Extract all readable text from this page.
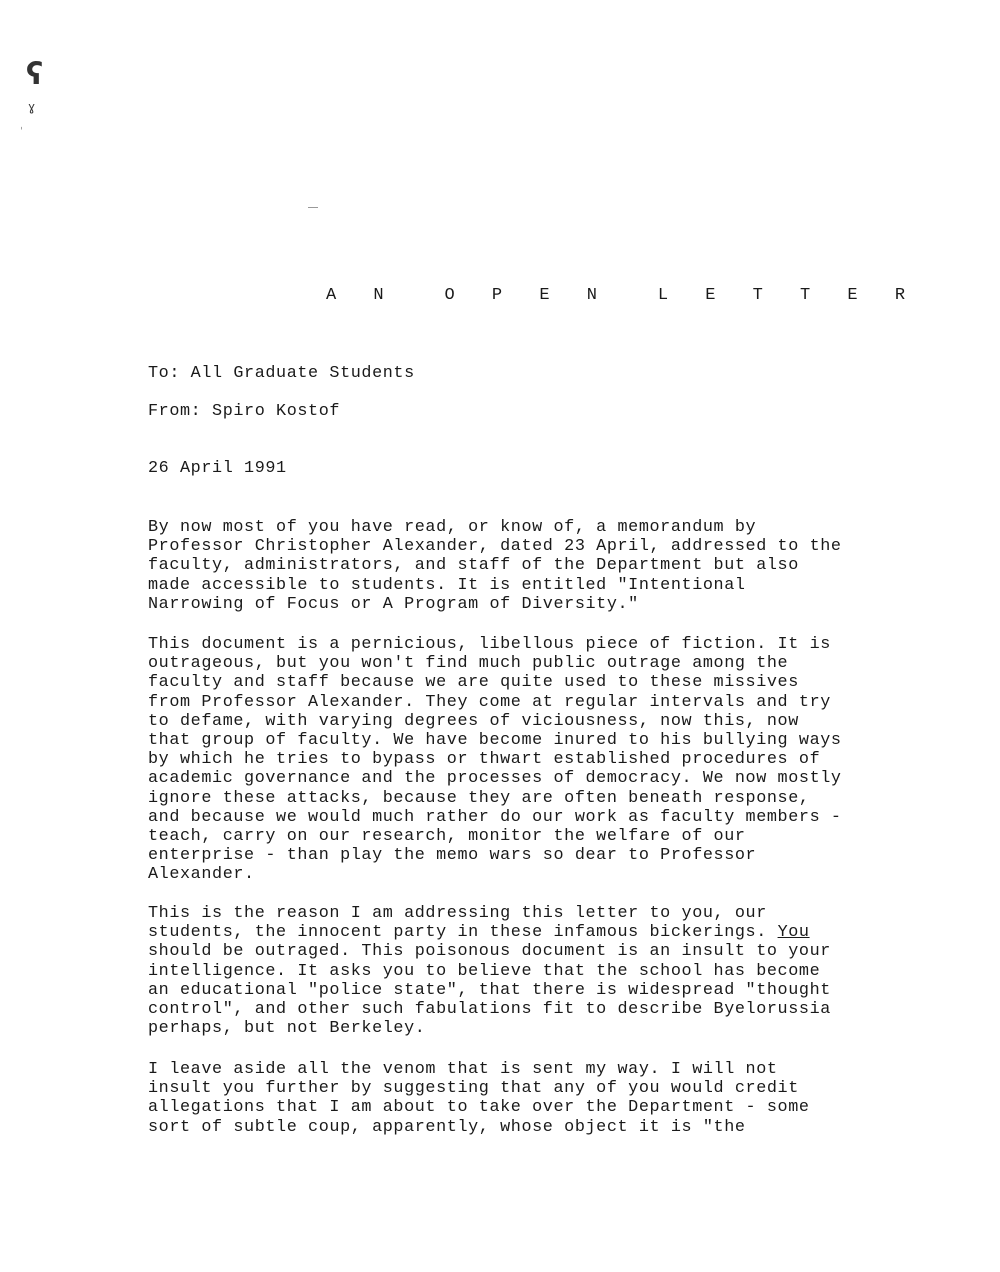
ʕ
ɣ
ˌ
A N  O P E N  L E T T E R
To: All Graduate Students
From: Spiro Kostof
26 April 1991
By now most of you have read, or know of, a memorandum by
Professor Christopher Alexander, dated 23 April, addressed to the
faculty, administrators, and staff of the Department but also
made accessible to students. It is entitled "Intentional
Narrowing of Focus or A Program of Diversity."
This document is a pernicious, libellous piece of fiction. It is
outrageous, but you won't find much public outrage among the
faculty and staff because we are quite used to these missives
from Professor Alexander. They come at regular intervals and try
to defame, with varying degrees of viciousness, now this, now
that group of faculty. We have become inured to his bullying ways
by which he tries to bypass or thwart established procedures of
academic governance and the processes of democracy. We now mostly
ignore these attacks, because they are often beneath response,
and because we would much rather do our work as faculty members -
teach, carry on our research, monitor the welfare of our
enterprise - than play the memo wars so dear to Professor
Alexander.
This is the reason I am addressing this letter to you, our
students, the innocent party in these infamous bickerings. You
should be outraged. This poisonous document is an insult to your
intelligence. It asks you to believe that the school has become
an educational "police state", that there is widespread "thought
control", and other such fabulations fit to describe Byelorussia
perhaps, but not Berkeley.
I leave aside all the venom that is sent my way. I will not
insult you further by suggesting that any of you would credit
allegations that I am about to take over the Department - some
sort of subtle coup, apparently, whose object it is "the
